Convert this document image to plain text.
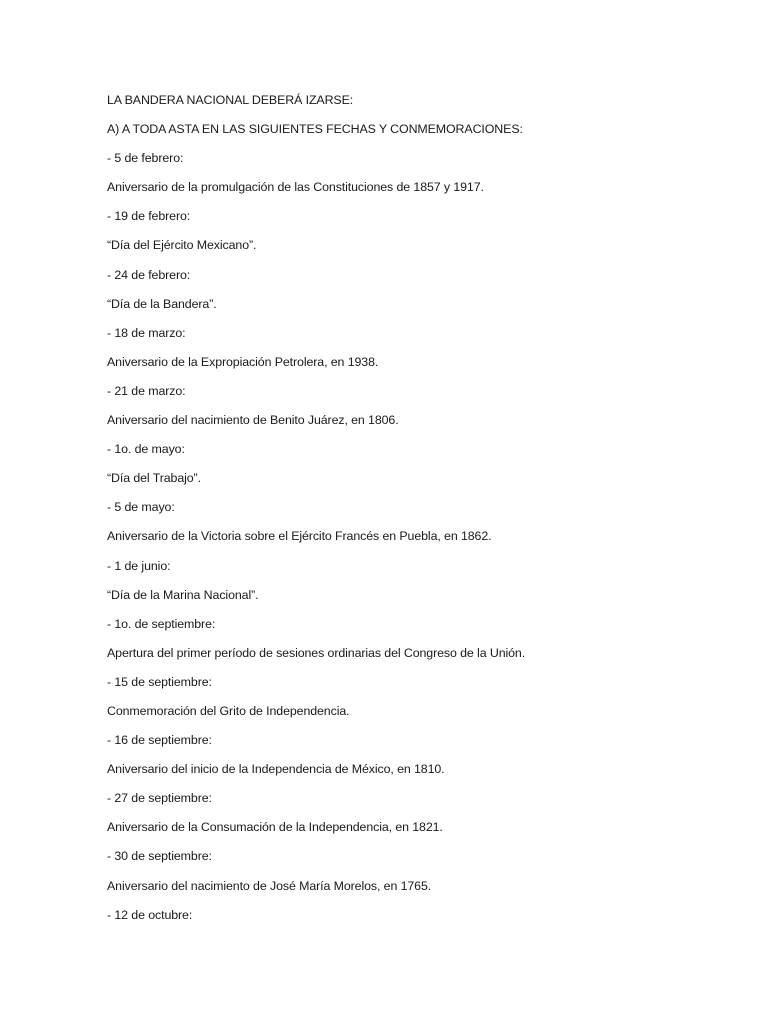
LA BANDERA NACIONAL DEBERÁ IZARSE:

A) A TODA ASTA EN LAS SIGUIENTES FECHAS Y CONMEMORACIONES:

- 5 de febrero:

Aniversario de la promulgación de las Constituciones de 1857 y 1917.

- 19 de febrero:

“Día del Ejército Mexicano”.

- 24 de febrero:

“Día de la Bandera”.

- 18 de marzo:

Aniversario de la Expropiación Petrolera, en 1938.

- 21 de marzo:

Aniversario del nacimiento de Benito Juárez, en 1806.

- 1o. de mayo:

“Día del Trabajo”.

- 5 de mayo:

Aniversario de la Victoria sobre el Ejército Francés en Puebla, en 1862.

- 1 de junio:

“Día de la Marina Nacional”.

- 1o. de septiembre:

Apertura del primer período de sesiones ordinarias del Congreso de la Unión.

- 15 de septiembre:

Conmemoración del Grito de Independencia.

- 16 de septiembre:

Aniversario del inicio de la Independencia de México, en 1810.

- 27 de septiembre:

Aniversario de la Consumación de la Independencia, en 1821.

- 30 de septiembre:

Aniversario del nacimiento de José María Morelos, en 1765.

- 12 de octubre:
